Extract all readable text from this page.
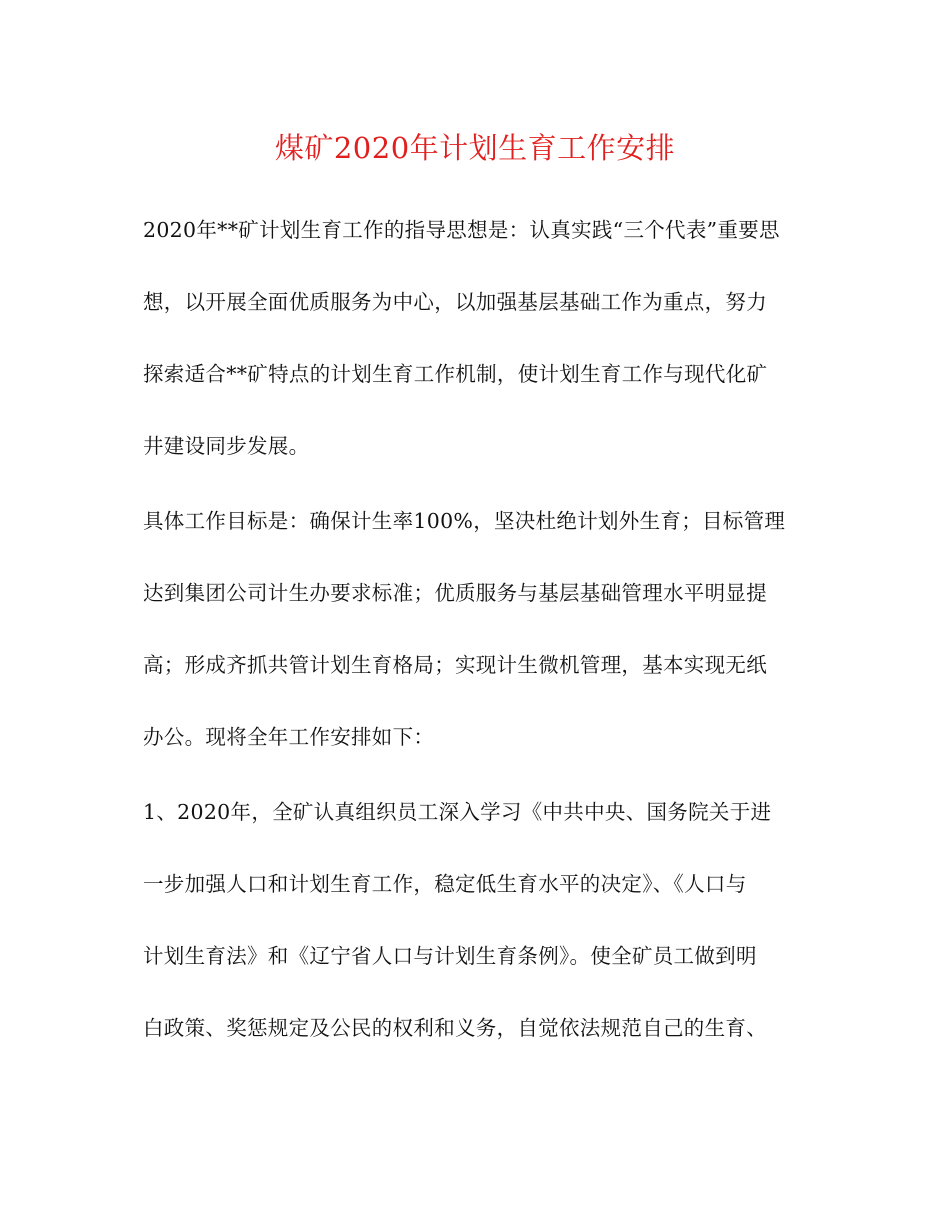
煤矿2020年计划生育工作安排
2020年**矿计划生育工作的指导思想是：认真实践“三个代表”重要思
想，以开展全面优质服务为中心，以加强基层基础工作为重点，努力
探索适合**矿特点的计划生育工作机制，使计划生育工作与现代化矿
井建设同步发展。
具体工作目标是：确保计生率100%，坚决杜绝计划外生育；目标管理
达到集团公司计生办要求标准；优质服务与基层基础管理水平明显提
高；形成齐抓共管计划生育格局；实现计生微机管理，基本实现无纸
办公。现将全年工作安排如下：
1、2020年，全矿认真组织员工深入学习《中共中央、国务院关于进
一步加强人口和计划生育工作，稳定低生育水平的决定》、《人口与
计划生育法》和《辽宁省人口与计划生育条例》。使全矿员工做到明
白政策、奖惩规定及公民的权利和义务，自觉依法规范自己的生育、
